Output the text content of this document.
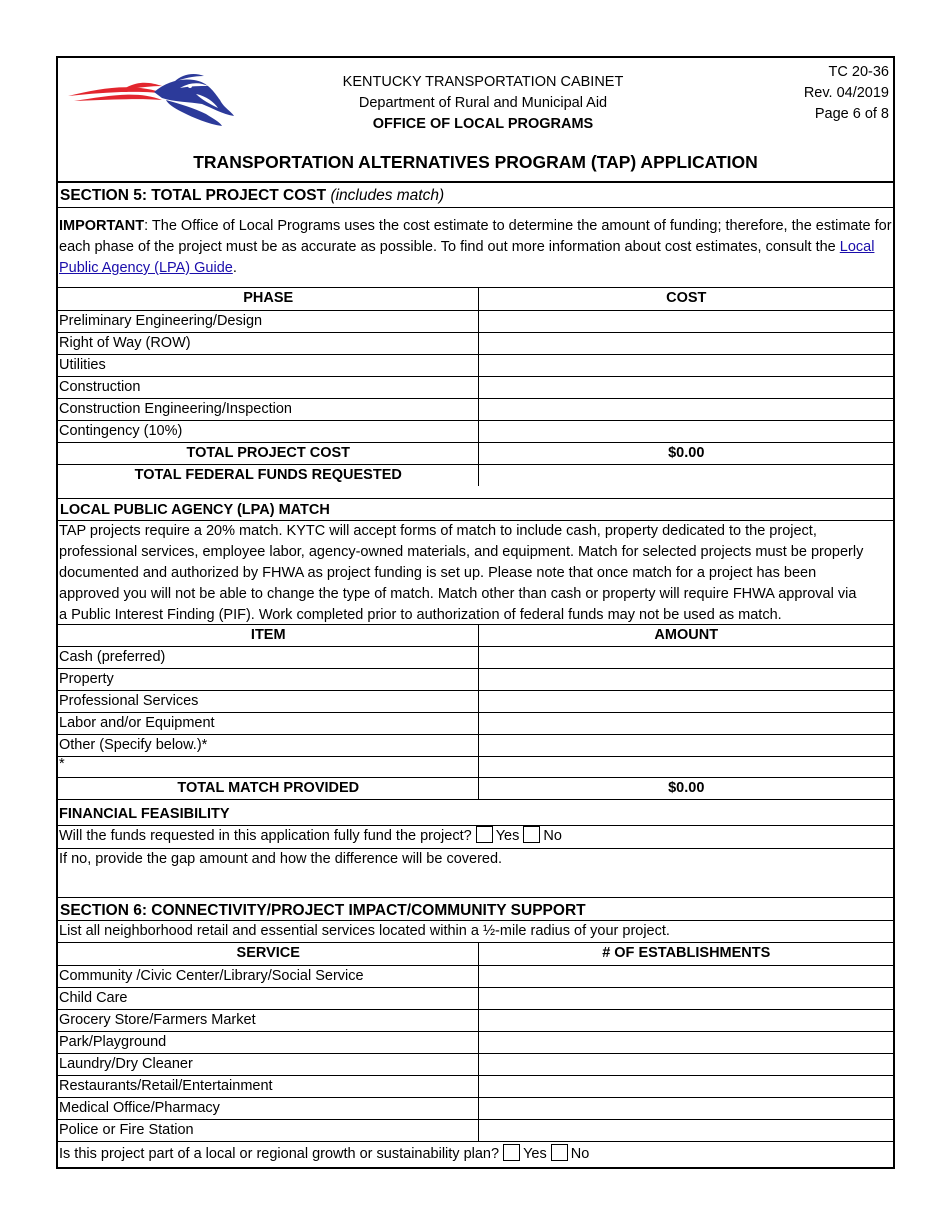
KENTUCKY TRANSPORTATION CABINET
Department of Rural and Municipal Aid
OFFICE OF LOCAL PROGRAMS
TC 20-36
Rev. 04/2019
Page 6 of 8
TRANSPORTATION ALTERNATIVES PROGRAM (TAP) APPLICATION
SECTION 5: TOTAL PROJECT COST (includes match)
IMPORTANT: The Office of Local Programs uses the cost estimate to determine the amount of funding; therefore, the estimate for each phase of the project must be as accurate as possible. To find out more information about cost estimates, consult the Local Public Agency (LPA) Guide.
PHASE	COST
Preliminary Engineering/Design	
Right of Way (ROW)	
Utilities	
Construction	
Construction Engineering/Inspection	
Contingency (10%)	
TOTAL PROJECT COST	$0.00
TOTAL FEDERAL FUNDS REQUESTED	
LOCAL PUBLIC AGENCY (LPA) MATCH
TAP projects require a 20% match. KYTC will accept forms of match to include cash, property dedicated to the project,
professional services, employee labor, agency-owned materials, and equipment. Match for selected projects must be properly
documented and authorized by FHWA as project funding is set up. Please note that once match for a project has been
approved you will not be able to change the type of match. Match other than cash or property will require FHWA approval via
a Public Interest Finding (PIF). Work completed prior to authorization of federal funds may not be used as match.
ITEM	AMOUNT
Cash (preferred)	
Property	
Professional Services	
Labor and/or Equipment	
Other (Specify below.)*	
*	
TOTAL MATCH PROVIDED	$0.00
FINANCIAL FEASIBILITY
Will the funds requested in this application fully fund the project? Yes No
If no, provide the gap amount and how the difference will be covered.
SECTION 6: CONNECTIVITY/PROJECT IMPACT/COMMUNITY SUPPORT
List all neighborhood retail and essential services located within a ½-mile radius of your project.
SERVICE	# OF ESTABLISHMENTS
Community /Civic Center/Library/Social Service	
Child Care	
Grocery Store/Farmers Market	
Park/Playground	
Laundry/Dry Cleaner	
Restaurants/Retail/Entertainment	
Medical Office/Pharmacy	
Police or Fire Station	
Is this project part of a local or regional growth or sustainability plan? Yes No
